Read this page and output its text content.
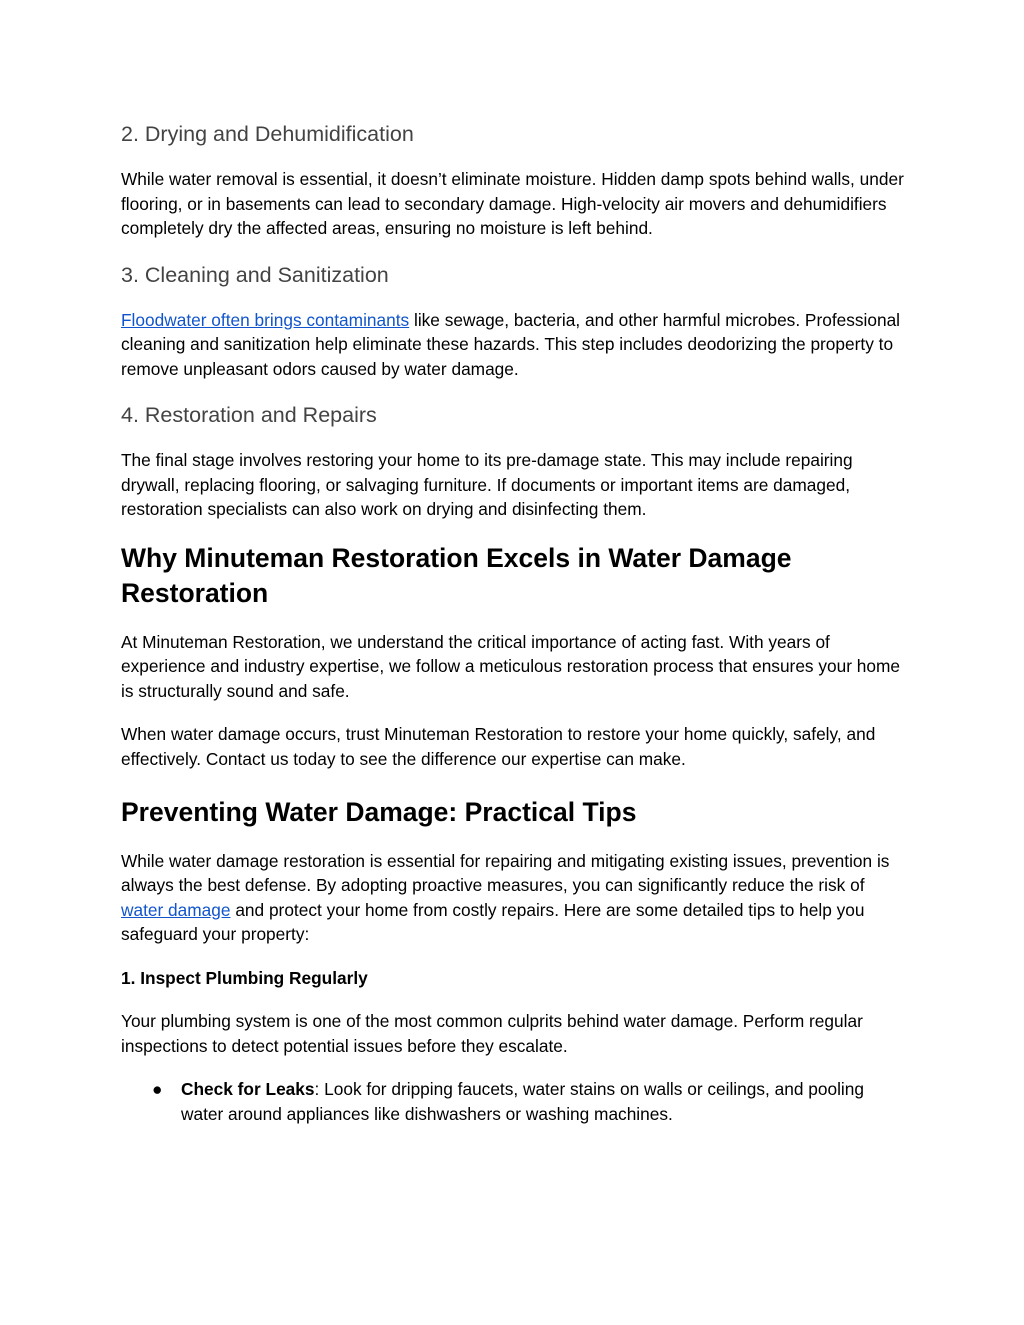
2. Drying and Dehumidification

While water removal is essential, it doesn’t eliminate moisture. Hidden damp spots behind walls, under flooring, or in basements can lead to secondary damage. High-velocity air movers and dehumidifiers completely dry the affected areas, ensuring no moisture is left behind.

3. Cleaning and Sanitization

Floodwater often brings contaminants like sewage, bacteria, and other harmful microbes. Professional cleaning and sanitization help eliminate these hazards. This step includes deodorizing the property to remove unpleasant odors caused by water damage.

4. Restoration and Repairs

The final stage involves restoring your home to its pre-damage state. This may include repairing drywall, replacing flooring, or salvaging furniture. If documents or important items are damaged, restoration specialists can also work on drying and disinfecting them.

Why Minuteman Restoration Excels in Water Damage Restoration

At Minuteman Restoration, we understand the critical importance of acting fast. With years of experience and industry expertise, we follow a meticulous restoration process that ensures your home is structurally sound and safe.

When water damage occurs, trust Minuteman Restoration to restore your home quickly, safely, and effectively. Contact us today to see the difference our expertise can make.

Preventing Water Damage: Practical Tips

While water damage restoration is essential for repairing and mitigating existing issues, prevention is always the best defense. By adopting proactive measures, you can significantly reduce the risk of water damage and protect your home from costly repairs. Here are some detailed tips to help you safeguard your property:

1. Inspect Plumbing Regularly

Your plumbing system is one of the most common culprits behind water damage. Perform regular inspections to detect potential issues before they escalate.

● Check for Leaks: Look for dripping faucets, water stains on walls or ceilings, and pooling water around appliances like dishwashers or washing machines.
